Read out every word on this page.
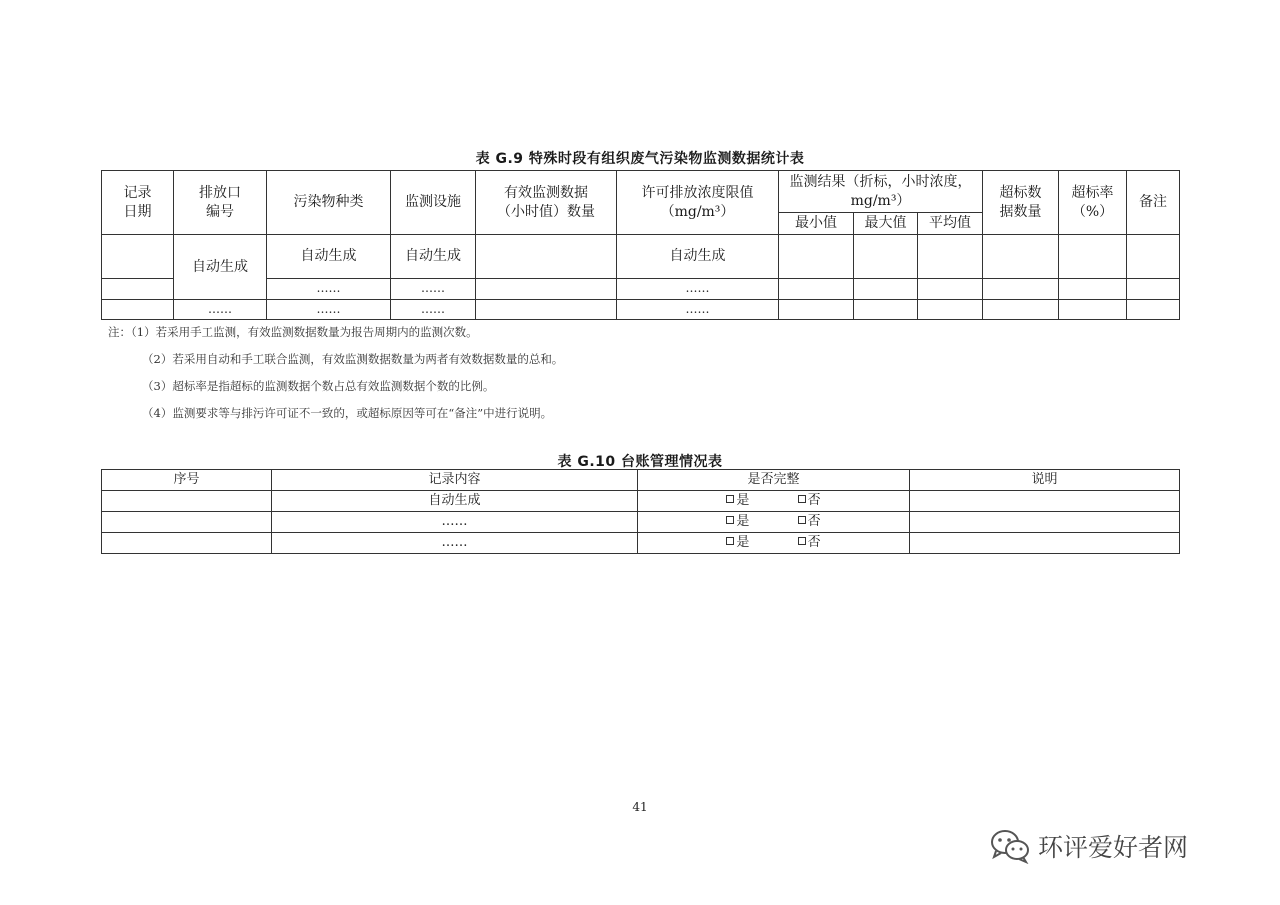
表 G.9 特殊时段有组织废气污染物监测数据统计表
记录日期	排放口编号	污染物种类	监测设施	有效监测数据（小时值）数量	许可排放浓度限值（mg/m³）	监测结果（折标，小时浓度，mg/m³）			超标数据数量	超标率（%）	备注
						最小值	最大值	平均值			
	自动生成	自动生成	自动生成		自动生成						
		……	……		……						
	……	……	……		……						
注：（1）若采用手工监测，有效监测数据数量为报告周期内的监测次数。
（2）若采用自动和手工联合监测，有效监测数据数量为两者有效数据数量的总和。
（3）超标率是指超标的监测数据个数占总有效监测数据个数的比例。
（4）监测要求等与排污许可证不一致的，或超标原因等可在“备注”中进行说明。
表 G.10 台账管理情况表
序号	记录内容	是否完整	说明
	自动生成	是 否	
	……	是 否	
	……	是 否	
41
环评爱好者网
